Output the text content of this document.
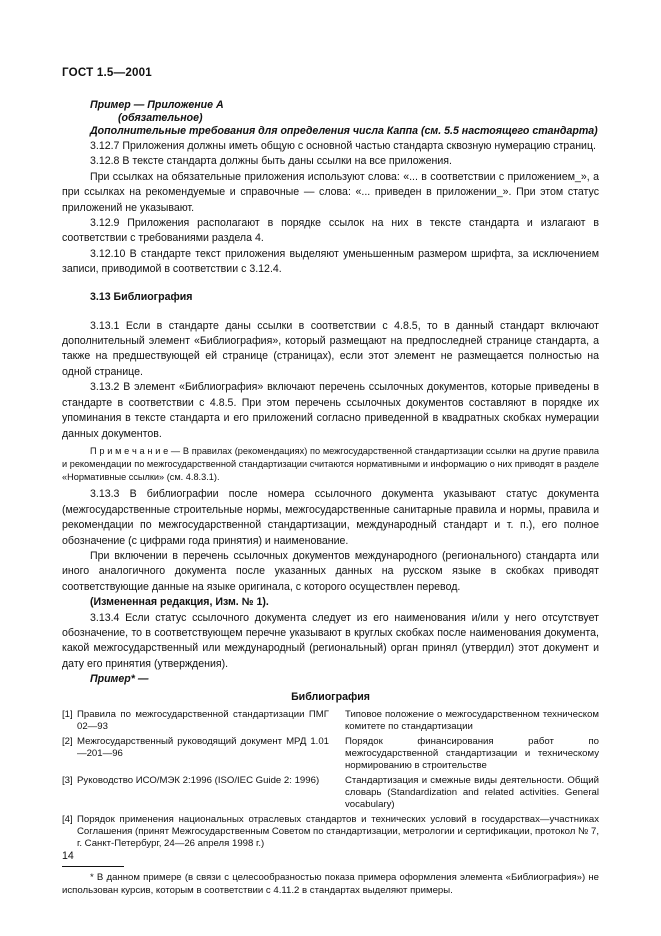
ГОСТ 1.5—2001

Пример — Приложение А

(обязательное)

Дополнительные требования для определения числа Каппа (см. 5.5 настоящего стандарта)

3.12.7 Приложения должны иметь общую с основной частью стандарта сквозную нумерацию страниц.

3.12.8 В тексте стандарта должны быть даны ссылки на все приложения.

При ссылках на обязательные приложения используют слова: «... в соответствии с приложением_», а при ссылках на рекомендуемые и справочные — слова: «... приведен в приложении_». При этом статус приложений не указывают.

3.12.9 Приложения располагают в порядке ссылок на них в тексте стандарта и излагают в соответствии с требованиями раздела 4.

3.12.10 В стандарте текст приложения выделяют уменьшенным размером шрифта, за исключением записи, приводимой в соответствии с 3.12.4.

3.13 Библиография

3.13.1 Если в стандарте даны ссылки в соответствии с 4.8.5, то в данный стандарт включают дополнительный элемент «Библиография», который размещают на предпоследней странице стандарта, а также на предшествующей ей странице (страницах), если этот элемент не размещается полностью на одной странице.

3.13.2 В элемент «Библиография» включают перечень ссылочных документов, которые приведены в стандарте в соответствии с 4.8.5. При этом перечень ссылочных документов составляют в порядке их упоминания в тексте стандарта и его приложений согласно приведенной в квадратных скобках нумерации данных документов.

П р и м е ч а н и е — В правилах (рекомендациях) по межгосударственной стандартизации ссылки на другие правила и рекомендации по межгосударственной стандартизации считаются нормативными и информацию о них приводят в разделе «Нормативные ссылки» (см. 4.8.3.1).

3.13.3 В библиографии после номера ссылочного документа указывают статус документа (межгосударственные строительные нормы, межгосударственные санитарные правила и нормы, правила и рекомендации по межгосударственной стандартизации, международный стандарт и т. п.), его полное обозначение (с цифрами года принятия) и наименование.

При включении в перечень ссылочных документов международного (регионального) стандарта или иного аналогичного документа после указанных данных на русском языке в скобках приводят соответствующие данные на языке оригинала, с которого осуществлен перевод.

(Измененная редакция, Изм. № 1).

3.13.4 Если статус ссылочного документа следует из его наименования и/или у него отсутствует обозначение, то в соответствующем перечне указывают в круглых скобках после наименования документа, какой межгосударственный или международный (региональный) орган принял (утвердил) этот документ и дату его принятия (утверждения).

Пример* —

Библиография
[1] Правила по межгосударственной стандартизации ПМГ 02—93
Типовое положение о межгосударственном техническом комитете по стандартизации
[2] Межгосударственный руководящий документ МРД 1.01—201—96
Порядок финансирования работ по межгосударственной стандартизации и техническому нормированию в строительстве
[3] Руководство ИСО/МЭК 2:1996 (ISO/IEC Guide 2: 1996)	Стандартизация и смежные виды деятельности. Общий словарь (Standardization and related activities. General vocabulary)
[4] Порядок применения национальных отраслевых стандартов и технических условий в государствах—участниках Соглашения (принят Межгосударственным Советом по стандартизации, метрологии и сертификации, протокол № 7, г. Санкт-Петербург, 24—26 апреля 1998 г.)

* В данном примере (в связи с целесообразностью показа примера оформления элемента «Библиография») не использован курсив, которым в соответствии с 4.11.2 в стандартах выделяют примеры.

14
